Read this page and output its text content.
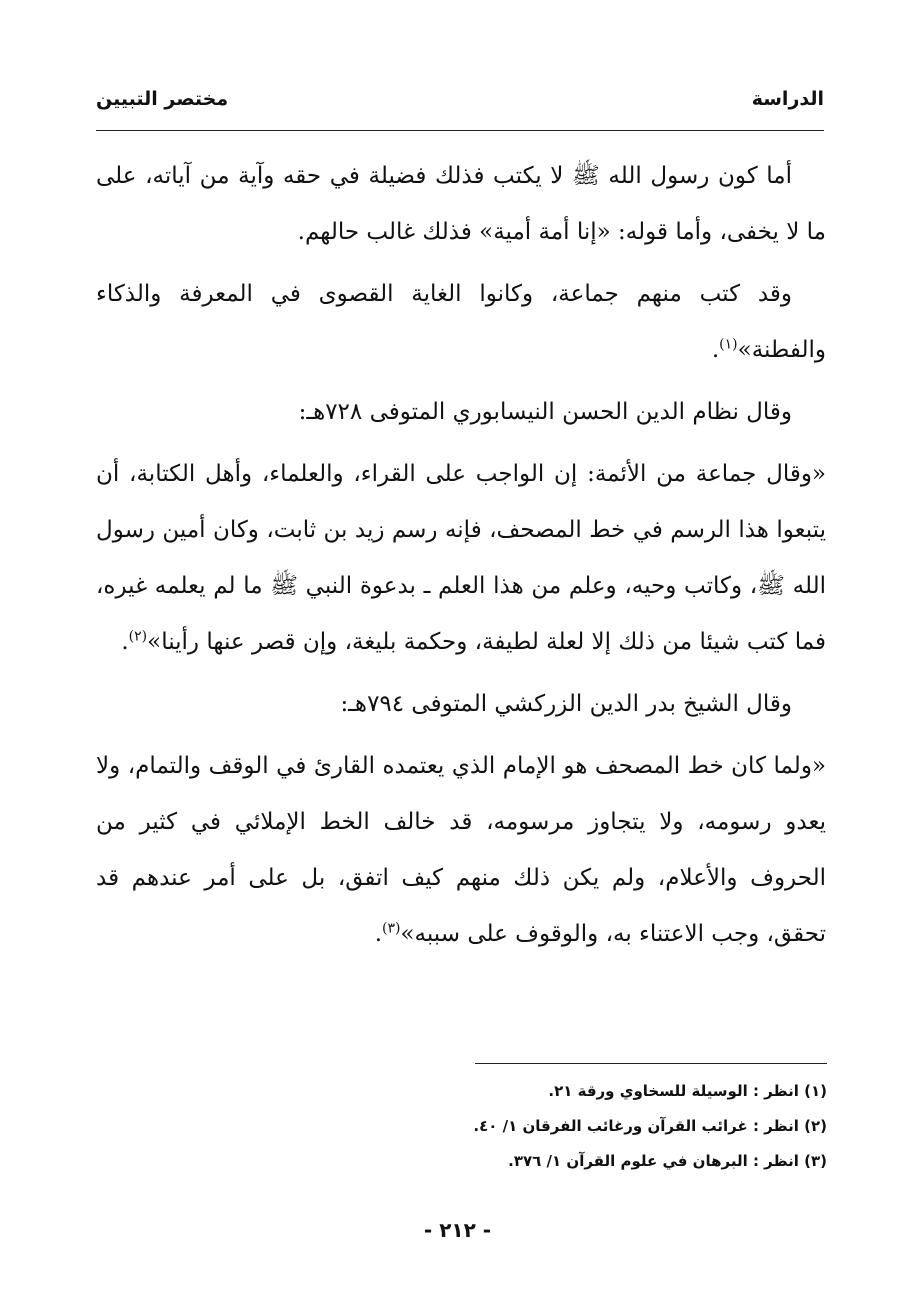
الدراسة
مختصر التبيين

أما كون رسول الله ﷺ لا يكتب فذلك فضيلة في حقه وآية من آياته، على ما لا يخفى، وأما قوله: «إنا أمة أمية» فذلك غالب حالهم.

وقد كتب منهم جماعة، وكانوا الغاية القصوى في المعرفة والذكاء والفطنة»$^{(١)}$.

وقال نظام الدين الحسن النيسابوري المتوفى ٧٢٨هـ:

«وقال جماعة من الأئمة: إن الواجب على القراء، والعلماء، وأهل الكتابة، أن يتبعوا هذا الرسم في خط المصحف، فإنه رسم زيد بن ثابت، وكان أمين رسول الله ﷺ، وكاتب وحيه، وعلم من هذا العلم ـ بدعوة النبي ﷺ ما لم يعلمه غيره، فما كتب شيئا من ذلك إلا لعلة لطيفة، وحكمة بليغة، وإن قصر عنها رأينا»$^{(٢)}$.

وقال الشيخ بدر الدين الزركشي المتوفى ٧٩٤هـ:

«ولما كان خط المصحف هو الإمام الذي يعتمده القارئ في الوقف والتمام، ولا يعدو رسومه، ولا يتجاوز مرسومه، قد خالف الخط الإملائي في كثير من الحروف والأعلام، ولم يكن ذلك منهم كيف اتفق، بل على أمر عندهم قد تحقق، وجب الاعتناء به، والوقوف على سببه»$^{(٣)}$.

(١) انظر : الوسيلة للسخاوي ورقة ٢١.
(٢) انظر : غرائب القرآن ورغائب الفرقان ١/ ٤٠.
(٣) انظر : البرهان في علوم القرآن ١/ ٣٧٦.
- ٢١٢ -
